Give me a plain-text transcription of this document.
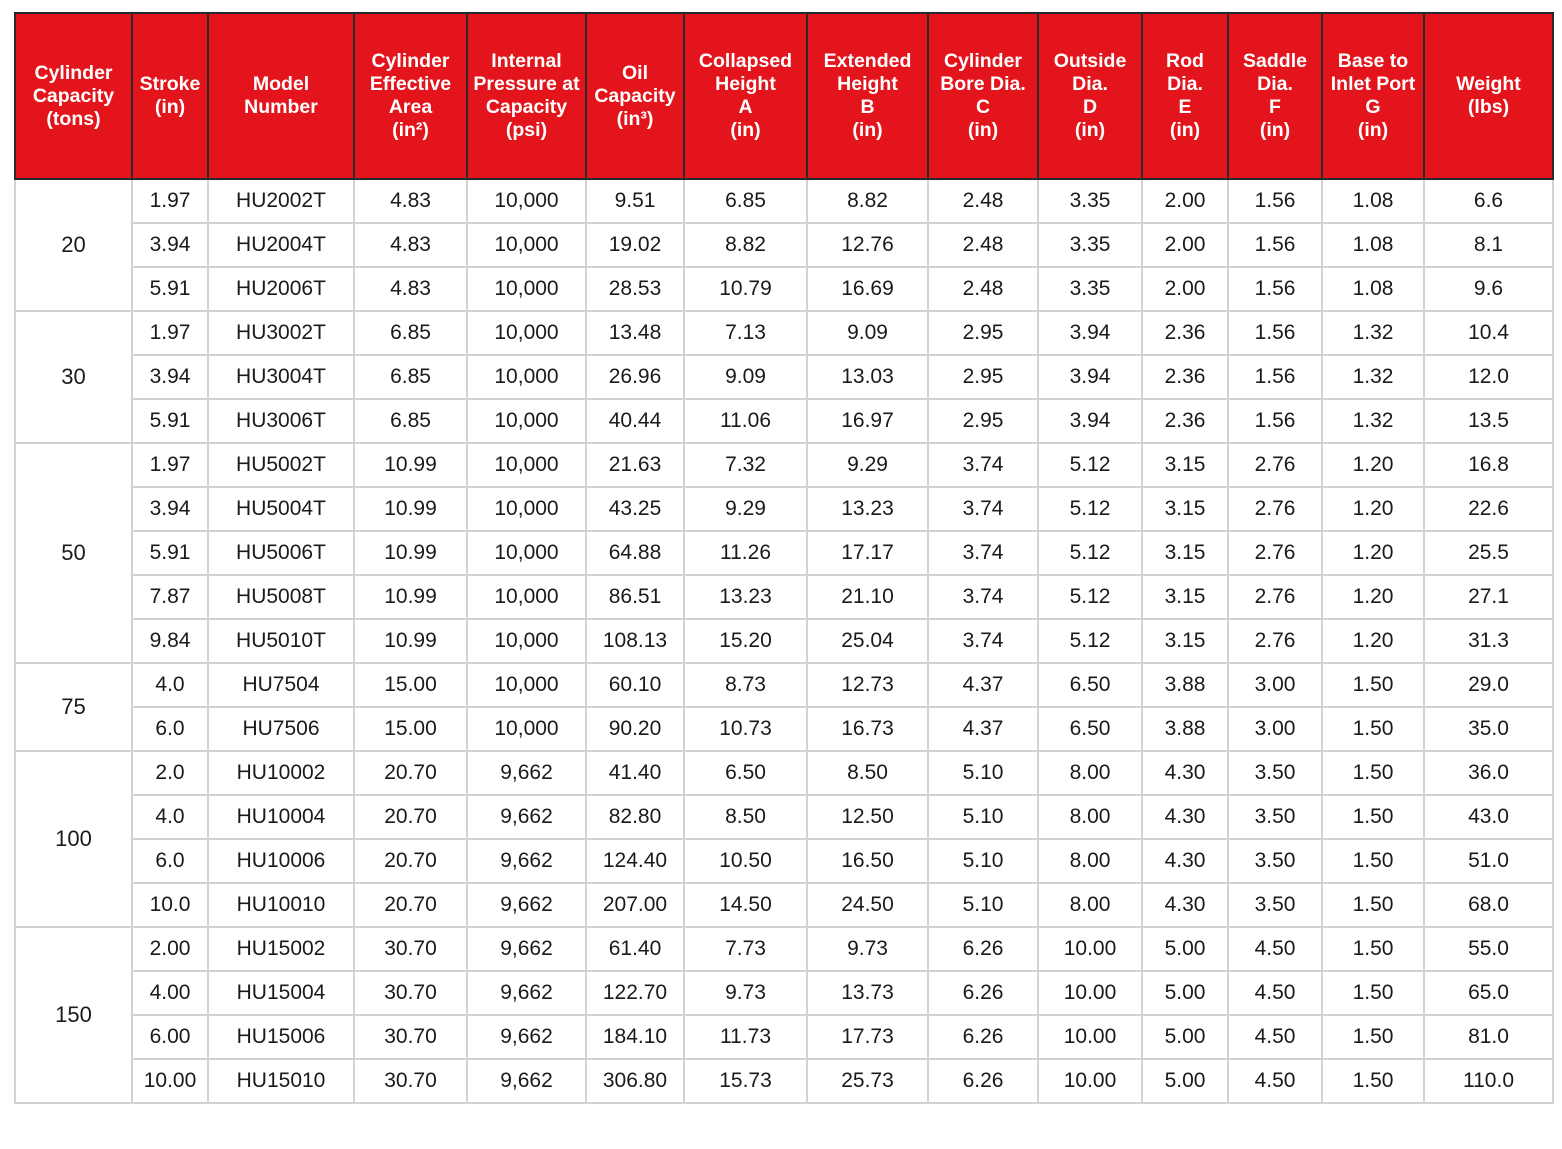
Cylinder
Capacity
(tons)	Stroke
(in)	Model
Number	Cylinder
Effective
Area
(in²)	Internal
Pressure at
Capacity
(psi)	Oil
Capacity
(in³)	Collapsed
Height
A
(in)	Extended
Height
B
(in)	Cylinder
Bore Dia.
C
(in)	Outside
Dia.
D
(in)	Rod
Dia.
E
(in)	Saddle
Dia.
F
(in)	Base to
Inlet Port
G
(in)	Weight
(lbs)
20	1.97	HU2002T	4.83	10,000	9.51	6.85	8.82	2.48	3.35	2.00	1.56	1.08	6.6
	3.94	HU2004T	4.83	10,000	19.02	8.82	12.76	2.48	3.35	2.00	1.56	1.08	8.1
	5.91	HU2006T	4.83	10,000	28.53	10.79	16.69	2.48	3.35	2.00	1.56	1.08	9.6
30	1.97	HU3002T	6.85	10,000	13.48	7.13	9.09	2.95	3.94	2.36	1.56	1.32	10.4
	3.94	HU3004T	6.85	10,000	26.96	9.09	13.03	2.95	3.94	2.36	1.56	1.32	12.0
	5.91	HU3006T	6.85	10,000	40.44	11.06	16.97	2.95	3.94	2.36	1.56	1.32	13.5
50	1.97	HU5002T	10.99	10,000	21.63	7.32	9.29	3.74	5.12	3.15	2.76	1.20	16.8
	3.94	HU5004T	10.99	10,000	43.25	9.29	13.23	3.74	5.12	3.15	2.76	1.20	22.6
	5.91	HU5006T	10.99	10,000	64.88	11.26	17.17	3.74	5.12	3.15	2.76	1.20	25.5
	7.87	HU5008T	10.99	10,000	86.51	13.23	21.10	3.74	5.12	3.15	2.76	1.20	27.1
	9.84	HU5010T	10.99	10,000	108.13	15.20	25.04	3.74	5.12	3.15	2.76	1.20	31.3
75	4.0	HU7504	15.00	10,000	60.10	8.73	12.73	4.37	6.50	3.88	3.00	1.50	29.0
	6.0	HU7506	15.00	10,000	90.20	10.73	16.73	4.37	6.50	3.88	3.00	1.50	35.0
100	2.0	HU10002	20.70	9,662	41.40	6.50	8.50	5.10	8.00	4.30	3.50	1.50	36.0
	4.0	HU10004	20.70	9,662	82.80	8.50	12.50	5.10	8.00	4.30	3.50	1.50	43.0
	6.0	HU10006	20.70	9,662	124.40	10.50	16.50	5.10	8.00	4.30	3.50	1.50	51.0
	10.0	HU10010	20.70	9,662	207.00	14.50	24.50	5.10	8.00	4.30	3.50	1.50	68.0
150	2.00	HU15002	30.70	9,662	61.40	7.73	9.73	6.26	10.00	5.00	4.50	1.50	55.0
	4.00	HU15004	30.70	9,662	122.70	9.73	13.73	6.26	10.00	5.00	4.50	1.50	65.0
	6.00	HU15006	30.70	9,662	184.10	11.73	17.73	6.26	10.00	5.00	4.50	1.50	81.0
	10.00	HU15010	30.70	9,662	306.80	15.73	25.73	6.26	10.00	5.00	4.50	1.50	110.0
